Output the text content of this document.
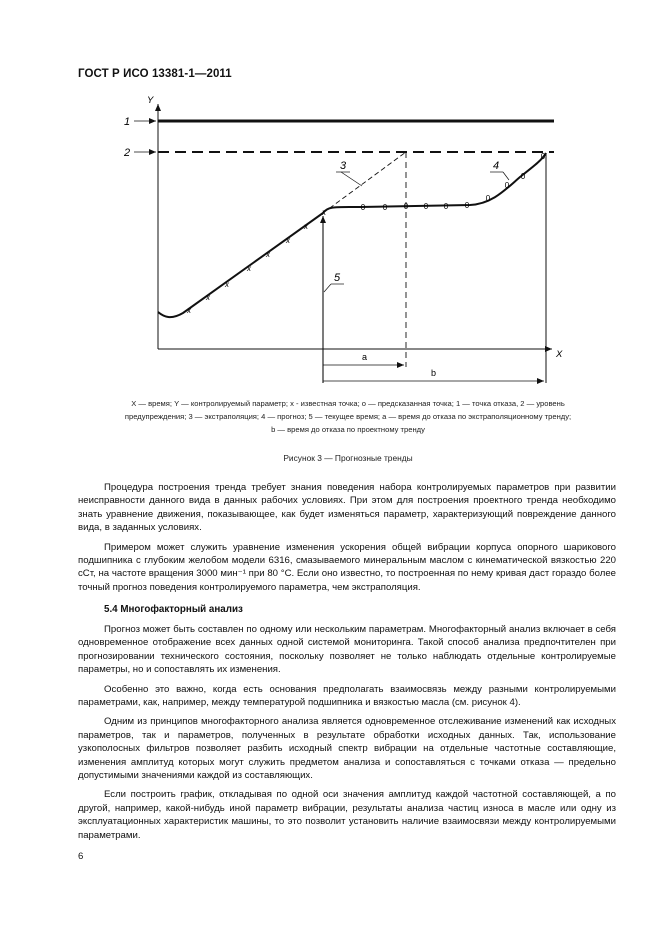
ГОСТ Р ИСО 13381-1—2011
Y
X
1
2
3
5
x
x
x
x
x
x
x
x
0 0 0 0 0 0
0
0
0
0
4
a
b
X — время; Y — контролируемый параметр; x - известная точка; o — предсказанная точка; 1 — точка отказа, 2 — уровень
предупреждения; 3 — экстраполяция; 4 — прогноз; 5 — текущее время; a — время до отказа по экстраполяционному тренду;
b — время до отказа по проектному тренду
Рисунок 3 — Прогнозные тренды

Процедура построения тренда требует знания поведения набора контролируемых параметров при развитии неисправности данного вида в данных рабочих условиях. При этом для построения проектного тренда необходимо знать уравнение движения, показывающее, как будет изменяться параметр, характеризующий повреждение данного вида, в заданных условиях.

Примером может служить уравнение изменения ускорения общей вибрации корпуса опорного шарикового подшипника с глубоким желобом модели 6316, смазываемого минеральным маслом с кинематической вязкостью 220 сСт, на частоте вращения 3000 мин⁻¹ при 80 °С. Если оно известно, то построенная по нему кривая даст гораздо более точный прогноз поведения контролируемого параметра, чем экстраполяция.

5.4 Многофакторный анализ

Прогноз может быть составлен по одному или нескольким параметрам. Многофакторный анализ включает в себя одновременное отображение всех данных одной системой мониторинга. Такой способ анализа предпочтителен при прогнозировании технического состояния, поскольку позволяет не только наблюдать отдельные контролируемые параметры, но и сопоставлять их изменения.

Особенно это важно, когда есть основания предполагать взаимосвязь между разными контролируемыми параметрами, как, например, между температурой подшипника и вязкостью масла (см. рисунок 4).

Одним из принципов многофакторного анализа является одновременное отслеживание изменений как исходных параметров, так и параметров, полученных в результате обработки исходных данных. Так, использование узкополосных фильтров позволяет разбить исходный спектр вибрации на отдельные частотные составляющие, изменения амплитуд которых могут служить предметом анализа и сопоставляться с точками отказа — предельно допустимыми значениями каждой из составляющих.

Если построить график, откладывая по одной оси значения амплитуд каждой частотной составляющей, а по другой, например, какой-нибудь иной параметр вибрации, результаты анализа частиц износа в масле или одну из эксплуатационных характеристик машины, то это позволит установить наличие взаимосвязи между контролируемыми параметрами.

6
